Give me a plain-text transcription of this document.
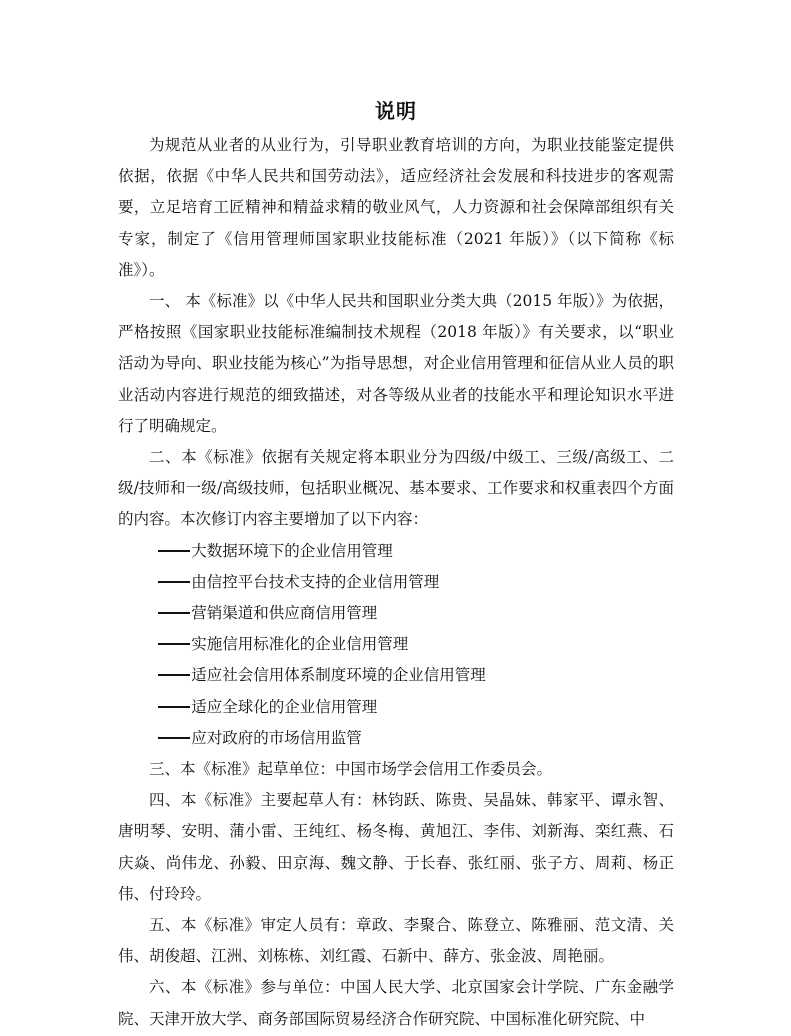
说明

为规范从业者的从业行为，引导职业教育培训的方向，为职业技能鉴定提供依据，依据《中华人民共和国劳动法》，适应经济社会发展和科技进步的客观需要，立足培育工匠精神和精益求精的敬业风气，人力资源和社会保障部组织有关专家，制定了《信用管理师国家职业技能标准（2021 年版）》（以下简称《标准》）。

一、 本《标准》以《中华人民共和国职业分类大典（2015 年版）》为依据，严格按照《国家职业技能标准编制技术规程（2018 年版）》有关要求，以“职业活动为导向、职业技能为核心”为指导思想，对企业信用管理和征信从业人员的职业活动内容进行规范的细致描述，对各等级从业者的技能水平和理论知识水平进行了明确规定。

二、本《标准》依据有关规定将本职业分为四级/中级工、三级/高级工、二级/技师和一级/高级技师，包括职业概况、基本要求、工作要求和权重表四个方面的内容。本次修订内容主要增加了以下内容：

大数据环境下的企业信用管理
由信控平台技术支持的企业信用管理
营销渠道和供应商信用管理
实施信用标准化的企业信用管理
适应社会信用体系制度环境的企业信用管理
适应全球化的企业信用管理
应对政府的市场信用监管

三、本《标准》起草单位：中国市场学会信用工作委员会。

四、本《标准》主要起草人有：林钧跃、陈贵、吴晶妹、韩家平、谭永智、唐明琴、安明、蒲小雷、王纯红、杨冬梅、黄旭江、李伟、刘新海、栾红燕、石庆焱、尚伟龙、孙毅、田京海、魏文静、于长春、张红丽、张子方、周莉、杨正伟、付玲玲。

五、本《标准》审定人员有：章政、李聚合、陈登立、陈雅丽、范文清、关伟、胡俊超、江洲、刘栋栋、刘红霞、石新中、薛方、张金波、周艳丽。

六、本《标准》参与单位：中国人民大学、北京国家会计学院、广东金融学院、天津开放大学、商务部国际贸易经济合作研究院、中国标准化研究院、中
